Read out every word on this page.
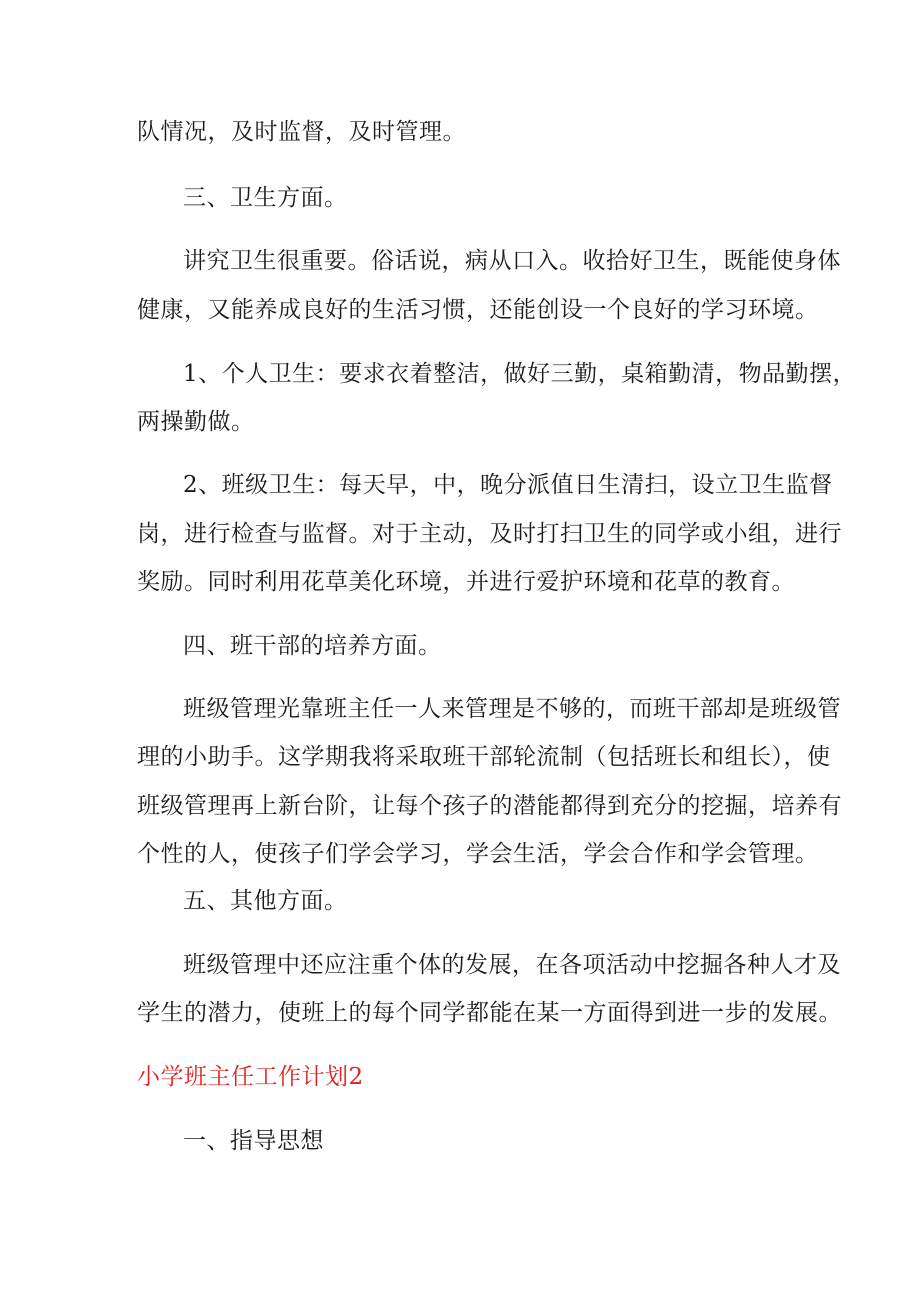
队情况，及时监督，及时管理。
三、卫生方面。
讲究卫生很重要。俗话说，病从口入。收拾好卫生，既能使身体
健康，又能养成良好的生活习惯，还能创设一个良好的学习环境。
1、个人卫生：要求衣着整洁，做好三勤，桌箱勤清，物品勤摆，
两操勤做。
2、班级卫生：每天早，中，晚分派值日生清扫，设立卫生监督
岗，进行检查与监督。对于主动，及时打扫卫生的同学或小组，进行
奖励。同时利用花草美化环境，并进行爱护环境和花草的教育。
四、班干部的培养方面。
班级管理光靠班主任一人来管理是不够的，而班干部却是班级管
理的小助手。这学期我将采取班干部轮流制（包括班长和组长），使
班级管理再上新台阶，让每个孩子的潜能都得到充分的挖掘，培养有
个性的人，使孩子们学会学习，学会生活，学会合作和学会管理。
五、其他方面。
班级管理中还应注重个体的发展，在各项活动中挖掘各种人才及
学生的潜力，使班上的每个同学都能在某一方面得到进一步的发展。
小学班主任工作计划2
一、指导思想
